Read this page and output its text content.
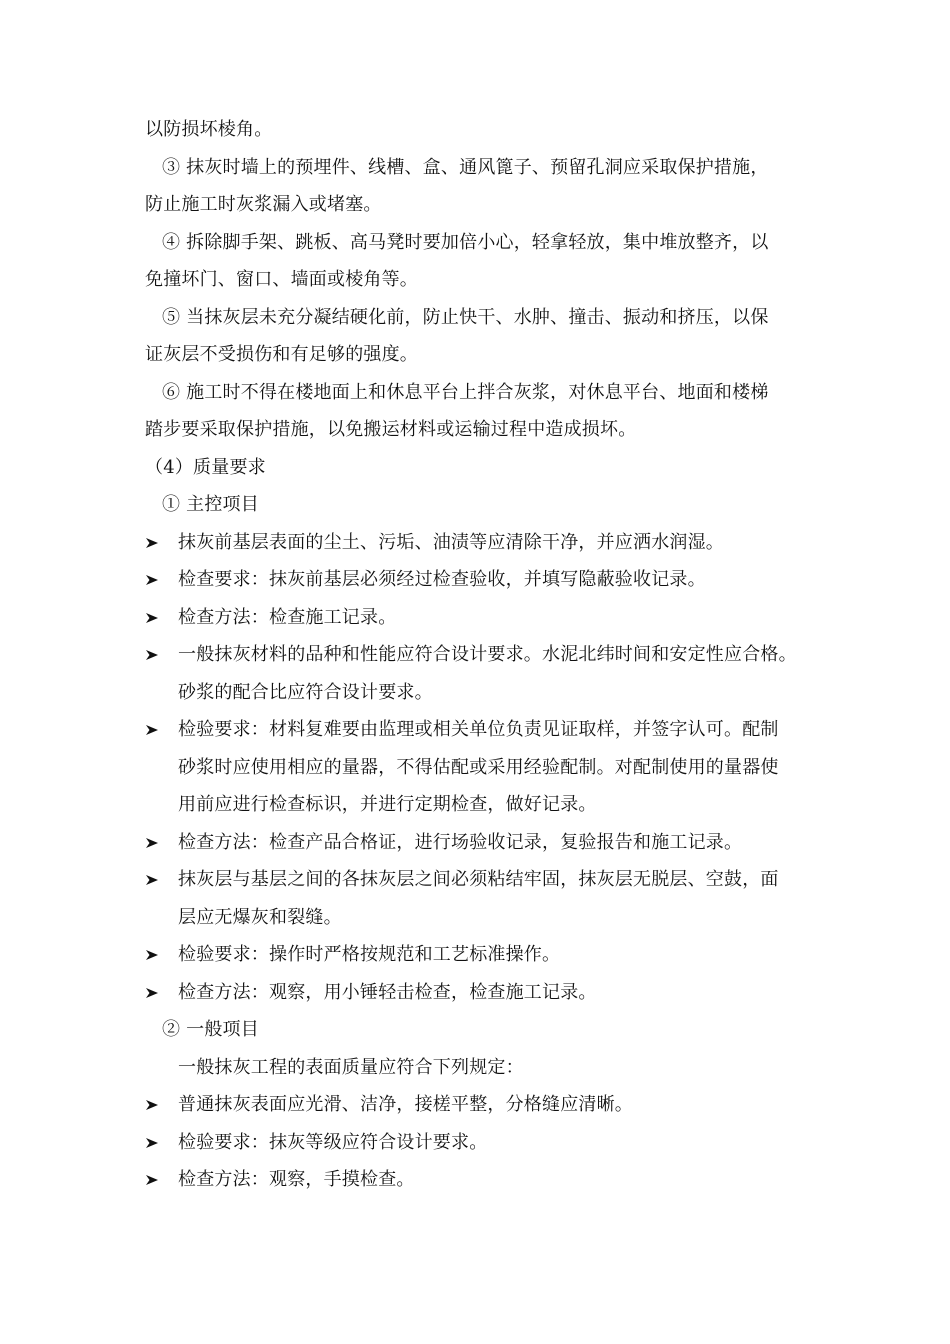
以防损坏棱角。
③ 抹灰时墙上的预埋件、线槽、盒、通风篦子、预留孔洞应采取保护措施，
防止施工时灰浆漏入或堵塞。
④ 拆除脚手架、跳板、高马凳时要加倍小心，轻拿轻放，集中堆放整齐，以
免撞坏门、窗口、墙面或棱角等。
⑤ 当抹灰层未充分凝结硬化前，防止快干、水肿、撞击、振动和挤压，以保
证灰层不受损伤和有足够的强度。
⑥ 施工时不得在楼地面上和休息平台上拌合灰浆，对休息平台、地面和楼梯
踏步要采取保护措施，以免搬运材料或运输过程中造成损坏。
（4）质量要求
① 主控项目
抹灰前基层表面的尘土、污垢、油渍等应清除干净，并应洒水润湿。
检查要求：抹灰前基层必须经过检查验收，并填写隐蔽验收记录。
检查方法：检查施工记录。
一般抹灰材料的品种和性能应符合设计要求。水泥北纬时间和安定性应合格。
砂浆的配合比应符合设计要求。
检验要求：材料复难要由监理或相关单位负责见证取样，并签字认可。配制
砂浆时应使用相应的量器，不得估配或采用经验配制。对配制使用的量器使
用前应进行检查标识，并进行定期检查，做好记录。
检查方法：检查产品合格证，进行场验收记录，复验报告和施工记录。
抹灰层与基层之间的各抹灰层之间必须粘结牢固，抹灰层无脱层、空鼓，面
层应无爆灰和裂缝。
检验要求：操作时严格按规范和工艺标准操作。
检查方法：观察，用小锤轻击检查，检查施工记录。
② 一般项目
一般抹灰工程的表面质量应符合下列规定：
普通抹灰表面应光滑、洁净，接槎平整，分格缝应清晰。
检验要求：抹灰等级应符合设计要求。
检查方法：观察，手摸检查。
